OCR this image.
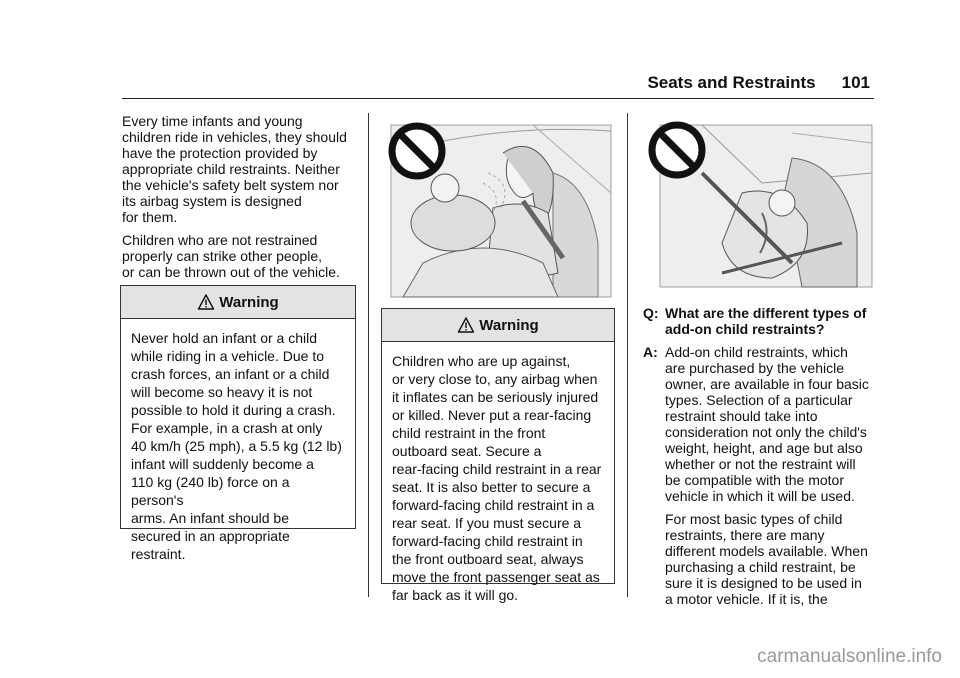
Seats and Restraints 101

Every time infants and young
children ride in vehicles, they should
have the protection provided by
appropriate child restraints. Neither
the vehicle's safety belt system nor
its airbag system is designed
for them.

Children who are not restrained
properly can strike other people,
or can be thrown out of the vehicle.

Warning
Never hold an infant or a child
while riding in a vehicle. Due to
crash forces, an infant or a child
will become so heavy it is not
possible to hold it during a crash.
For example, in a crash at only
40 km/h (25 mph), a 5.5 kg (12 lb)
infant will suddenly become a
110 kg (240 lb) force on a person's
arms. An infant should be
secured in an appropriate
restraint.
Warning
Children who are up against,
or very close to, any airbag when
it inflates can be seriously injured
or killed. Never put a rear-facing
child restraint in the front
outboard seat. Secure a
rear-facing child restraint in a rear
seat. It is also better to secure a
forward-facing child restraint in a
rear seat. If you must secure a
forward-facing child restraint in
the front outboard seat, always
move the front passenger seat as
far back as it will go.
Q: What are the different types of
add-on child restraints?
A: Add-on child restraints, which
are purchased by the vehicle
owner, are available in four basic
types. Selection of a particular
restraint should take into
consideration not only the child's
weight, height, and age but also
whether or not the restraint will
be compatible with the motor
vehicle in which it will be used.
For most basic types of child
restraints, there are many
different models available. When
purchasing a child restraint, be
sure it is designed to be used in
a motor vehicle. If it is, the
carmanualsonline.info
